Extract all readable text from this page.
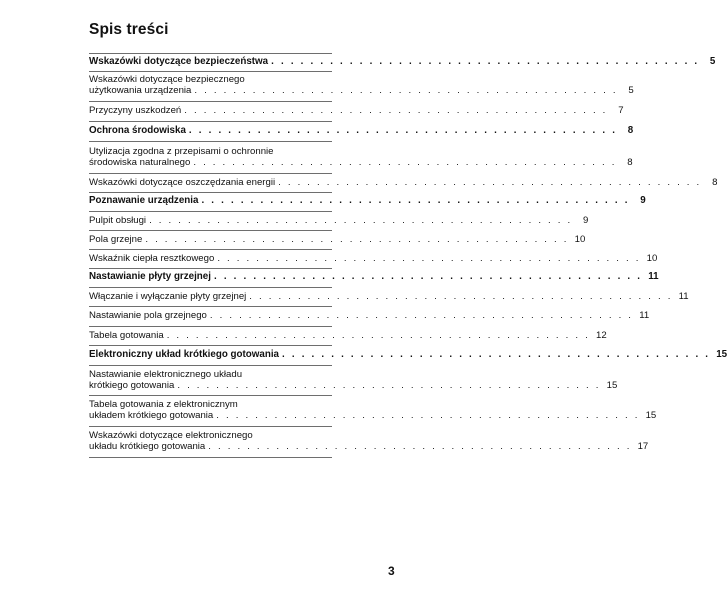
Spis treści
Wskazówki dotyczące bezpieczeństwa . . . . . . . . . . . . . . . . . . . . . . . . . . . . . . . . . . . . . . . . . . . .	5
Wskazówki dotyczące bezpiecznego
użytkowania urządzenia . . . . . . . . . . . . . . . . . . . . . . . . . . . . . . . . . . . . . . . . . . . .	5
Przyczyny uszkodzeń . . . . . . . . . . . . . . . . . . . . . . . . . . . . . . . . . . . . . . . . . . . .	7
Ochrona środowiska . . . . . . . . . . . . . . . . . . . . . . . . . . . . . . . . . . . . . . . . . . . .	8
Utylizacja zgodna z przepisami o ochronnie
środowiska naturalnego . . . . . . . . . . . . . . . . . . . . . . . . . . . . . . . . . . . . . . . . . . . .	8
Wskazówki dotyczące oszczędzania energii . . . . . . . . . . . . . . . . . . . . . . . . . . . . . . . . . . . . . . . . . . . .	8
Poznawanie urządzenia . . . . . . . . . . . . . . . . . . . . . . . . . . . . . . . . . . . . . . . . . . . .	9
Pulpit obsługi . . . . . . . . . . . . . . . . . . . . . . . . . . . . . . . . . . . . . . . . . . . .	9
Pola grzejne . . . . . . . . . . . . . . . . . . . . . . . . . . . . . . . . . . . . . . . . . . . . 10
Wskaźnik ciepła resztkowego . . . . . . . . . . . . . . . . . . . . . . . . . . . . . . . . . . . . . . . . . . . . 10
Nastawianie płyty grzejnej . . . . . . . . . . . . . . . . . . . . . . . . . . . . . . . . . . . . . . . . . . . . 11
Włączanie i wyłączanie płyty grzejnej . . . . . . . . . . . . . . . . . . . . . . . . . . . . . . . . . . . . . . . . . . . . 11
Nastawianie pola grzejnego . . . . . . . . . . . . . . . . . . . . . . . . . . . . . . . . . . . . . . . . . . . . 11
Tabela gotowania . . . . . . . . . . . . . . . . . . . . . . . . . . . . . . . . . . . . . . . . . . . . 12
Elektroniczny układ krótkiego gotowania . . . . . . . . . . . . . . . . . . . . . . . . . . . . . . . . . . . . . . . . . . . . 15
Nastawianie elektronicznego układu
krótkiego gotowania . . . . . . . . . . . . . . . . . . . . . . . . . . . . . . . . . . . . . . . . . . . . 15
Tabela gotowania z elektronicznym
układem krótkiego gotowania . . . . . . . . . . . . . . . . . . . . . . . . . . . . . . . . . . . . . . . . . . . . 15
Wskazówki dotyczące elektronicznego
układu krótkiego gotowania . . . . . . . . . . . . . . . . . . . . . . . . . . . . . . . . . . . . . . . . . . . . 17
3
